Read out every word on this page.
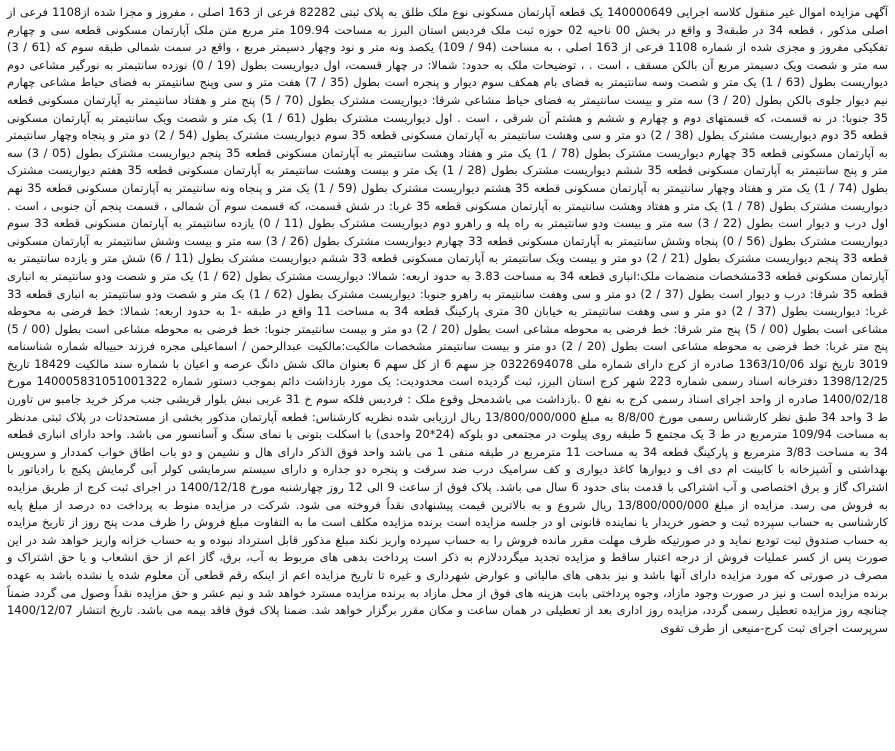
آگهی مزایده اموال غیر منقول کلاسه اجرایی 140000649 یک قطعه آپارتمان مسکونی نوع ملک طلق به پلاک ثبتی 82282 فرعی از 163 اصلی ، مفروز و مجزا شده از1108 فرعی از اصلی مذکور ، قطعه 34 در طبقه3 و واقع در بخش 00 ناحیه 02 حوزه ثبت ملک فردیس استان البرز به مساحت 109.94 متر مربع متن ملک آپارتمان مسکونی قطعه سی و چهارم تفکیکی مفروز و مجزی شده از شماره 1108 فرعی از 163 اصلی ، به مساحت (94 / 109) یکصد ونه متر و نود وچهار دسیمتر مربع ، واقع در سمت شمالی طبقه سوم که (61 / 3) سه متر و شصت ویک دسیمتر مربع آن بالکن مسقف ، است . ، توضیحات ملک به حدود: شمالا: در چهار قسمت، اول دیواریست بطول (19 / 0) نوزده سانتیمتر به نورگیر مشاعی دوم دیواریست بطول (63 / 1) یک متر و شصت وسه سانتیمتر به فضای بام همکف سوم دیوار و پنجره است بطول (35 / 7) هفت متر و سی وپنج سانتیمتر به فضای حیاط مشاعی چهارم نیم دیوار جلوی بالکن بطول (20 / 3) سه متر و بیست سانتیمتر به فضای حیاط مشاعی شرقا: دیواریست مشترک بطول (70 / 5) پنج متر و هفتاد سانتیمتر به آپارتمان مسکونی قطعه 35 جنوبا: در نه قسمت، که قسمتهای دوم و چهارم و ششم و هشتم آن شرقی ، است . اول دیواریست مشترک بطول (61 / 1) یک متر و شصت ویک سانتیمتر به آپارتمان مسکونی قطعه 35 دوم دیواریست مشترک بطول (38 / 2) دو متر و سی وهشت سانتیمتر به آپارتمان مسکونی قطعه 35 سوم دیواریست مشترک بطول (54 / 2) دو متر و پنجاه وچهار سانتیمتر به آپارتمان مسکونی قطعه 35 چهارم دیواریست مشترک بطول (78 / 1) یک متر و هفتاد وهشت سانتیمتر به آپارتمان مسکونی قطعه 35 پنجم دیواریست مشترک بطول (05 / 3) سه متر و پنج سانتیمتر به آپارتمان مسکونی قطعه 35 ششم دیواریست مشترک بطول (28 / 1) یک متر و بیست وهشت سانتیمتر به آپارتمان مسکونی قطعه 35 هفتم دیواریست مشترک بطول (74 / 1) یک متر و هفتاد وچهار سانتیمتر به آپارتمان مسکونی قطعه 35 هشتم دیواریست مشترک بطول (59 / 1) یک متر و پنجاه ونه سانتیمتر به آپارتمان مسکونی قطعه 35 نهم دیواریست مشترک بطول (78 / 1) یک متر و هفتاد وهشت سانتیمتر به آپارتمان مسکونی قطعه 35 غربا: در شش قسمت، که قسمت سوم آن شمالی ، قسمت پنجم آن جنوبی ، است . اول درب و دیوار است بطول (22 / 3) سه متر و بیست ودو سانتیمتر به راه پله و راهرو دوم دیواریست مشترک بطول (11 / 0) یازده سانتیمتر به آپارتمان مسکونی قطعه 33 سوم دیواریست مشترک بطول (56 / 0) پنجاه وشش سانتیمتر به آپارتمان مسکونی قطعه 33 چهارم دیواریست مشترک بطول (26 / 3) سه متر و بیست وشش سانتیمتر به آپارتمان مسکونی قطعه 33 پنجم دیواریست مشترک بطول (21 / 2) دو متر و بیست ویک سانتیمتر به آپارتمان مسکونی قطعه 33 ششم دیواریست مشترک بطول (11 / 6) شش متر و یازده سانتیمتر به آپارتمان مسکونی قطعه 33مشخصات منضمات ملک:انباری قطعه 34 به مساحت 3.83 به حدود اربعه: شمالا: دیواریست مشترک بطول (62 / 1) یک متر و شصت ودو سانتیمتر به انباری قطعه 35 شرقا: درب و دیوار است بطول (37 / 2) دو متر و سی وهفت سانتیمتر به راهرو جنوبا: دیواریست مشترک بطول (62 / 1) یک متر و شصت ودو سانتیمتر به انباری قطعه 33 غربا: دیواریست بطول (37 / 2) دو متر و سی وهفت سانتیمتر به خیابان 30 متری پارکینگ قطعه 34 به مساحت 11 واقع در طبقه -1 به حدود اربعه: شمالا: خط فرضی به محوطه مشاعی است بطول (00 / 5) پنج متر شرقا: خط فرضی به محوطه مشاعی است بطول (20 / 2) دو متر و بیست سانتیمتر جنوبا: خط فرضی به محوطه مشاعی است بطول (00 / 5) پنج متر غربا: خط فرضی به محوطه مشاعی است بطول (20 / 2) دو متر و بیست سانتیمتر مشخصات مالکیت:مالکیت عبدالرحمن / اسماعیلی مجره فرزند حبیباله شماره شناسنامه 3019 تاریخ تولد 1363/10/06 صادره از کرج دارای شماره ملی 0322694078 جز سهم 6 از کل سهم 6 بعنوان مالک شش دانگ عرصه و اعیان با شماره سند مالکیت 18429 تاریخ 1398/12/25 دفترخانه اسناد رسمی شماره 223 شهر کرج استان البرز، ثبت گردیده است محدودیت: یک مورد بازداشت دائم بموجب دستور شماره 140005831051001322 مورخ 1400/02/18 صادره از واحد اجرای اسناد رسمی کرج به نفع 0 .بازداشت می باشدمحل وقوع ملک : فردیس فلکه سوم خ 31 غربی نبش بلوار قریشی جنب مرکز خرید جامبو س تاورن ط 3 واحد 34 طبق نظر کارشناس رسمی مورخ 8/8/00 به مبلغ 13/800/000/000 ریال ارزیابی شده نظریه کارشناس: قطعه آپارتمان مذکور بخشی از مستحدثات در پلاک ثبتی مدنظر به مساحت 109/94 مترمربع در ط 3 یک مجتمع 5 طبقه روی پیلوت در مجتمعی دو بلوکه (24*20 واحدی) با اسکلت بتونی با نمای سنگ و آسانسور می باشد. واحد دارای انباری قطعه 34 به مساحت 3/83 مترمربع و پارکینگ قطعه 34 به مساحت 11 مترمربع در طبقه منفی 1 می باشد واحد فوق الذکر دارای هال و نشیمن و دو باب اطاق خواب کمددار و سرویس بهداشتی و آشپزخانه با کابینت ام دی اف و دیوارها کاغذ دیواری و کف سرامیک درب ضد سرقت و پنجره دو جداره و دارای سیستم سرمایشی کولر آبی گرمایش پکیج با رادیاتور با اشتراک گاز و برق اختصاصی و آب اشتراکی با قدمت بنای حدود 6 سال می باشد. پلاک فوق از ساعت 9 الی 12 روز چهارشنبه مورخ 1400/12/18 در اجرای ثبت کرج از طریق مزایده به فروش می رسد. مزایده از مبلغ 13/800/000/000 ریال شروع و به بالاترین قیمت پیشنهادی نقداً فروخته می شود. شرکت در مزایده منوط به پرداخت ده درصد از مبلغ پایه کارشناسی به حساب سپرده ثبت و حضور خریدار یا نماینده قانونی او در جلسه مزایده است برنده مزایده مکلف است ما به التفاوت مبلغ فروش را ظرف مدت پنج روز از تاریخ مزایده به حساب صندوق ثبت تودیع نماید و در صورتیکه ظرف مهلت مقرر مانده فروش را به حساب سپرده واریز نکند مبلغ مذکور قابل استرداد نبوده و به حساب خزانه واریز خواهد شد در این صورت پس از کسر عملیات فروش از درجه اعتبار ساقط و مزایده تجدید میگرددلازم به ذکر است پرداخت بدهی های مربوط به آب، برق، گاز اعم از حق انشعاب و یا حق اشتراک و مصرف در صورتی که مورد مزایده دارای آنها باشد و نیز بدهی های مالیاتی و عوارض شهرداری و غیره تا تاریخ مزایده اعم از اینکه رقم قطعی آن معلوم شده یا نشده باشد به عهده برنده مزایده است و نیز در صورت وجود مازاد، وجوه پرداختی بابت هزینه های فوق از محل مازاد به برنده مزایده مسترد خواهد شد و نیم عشر و حق مزایده نقداً وصول می گردد ضمناً چنانچه روز مزایده تعطیل رسمی گردد، مزایده روز اداری بعد از تعطیلی در همان ساعت و مکان مقرر برگزار خواهد شد. ضمنا پلاک فوق فاقد بیمه می باشد. تاریخ انتشار 1400/12/07 سرپرست اجرای ثبت کرج-منیعی از طرف تقوی
